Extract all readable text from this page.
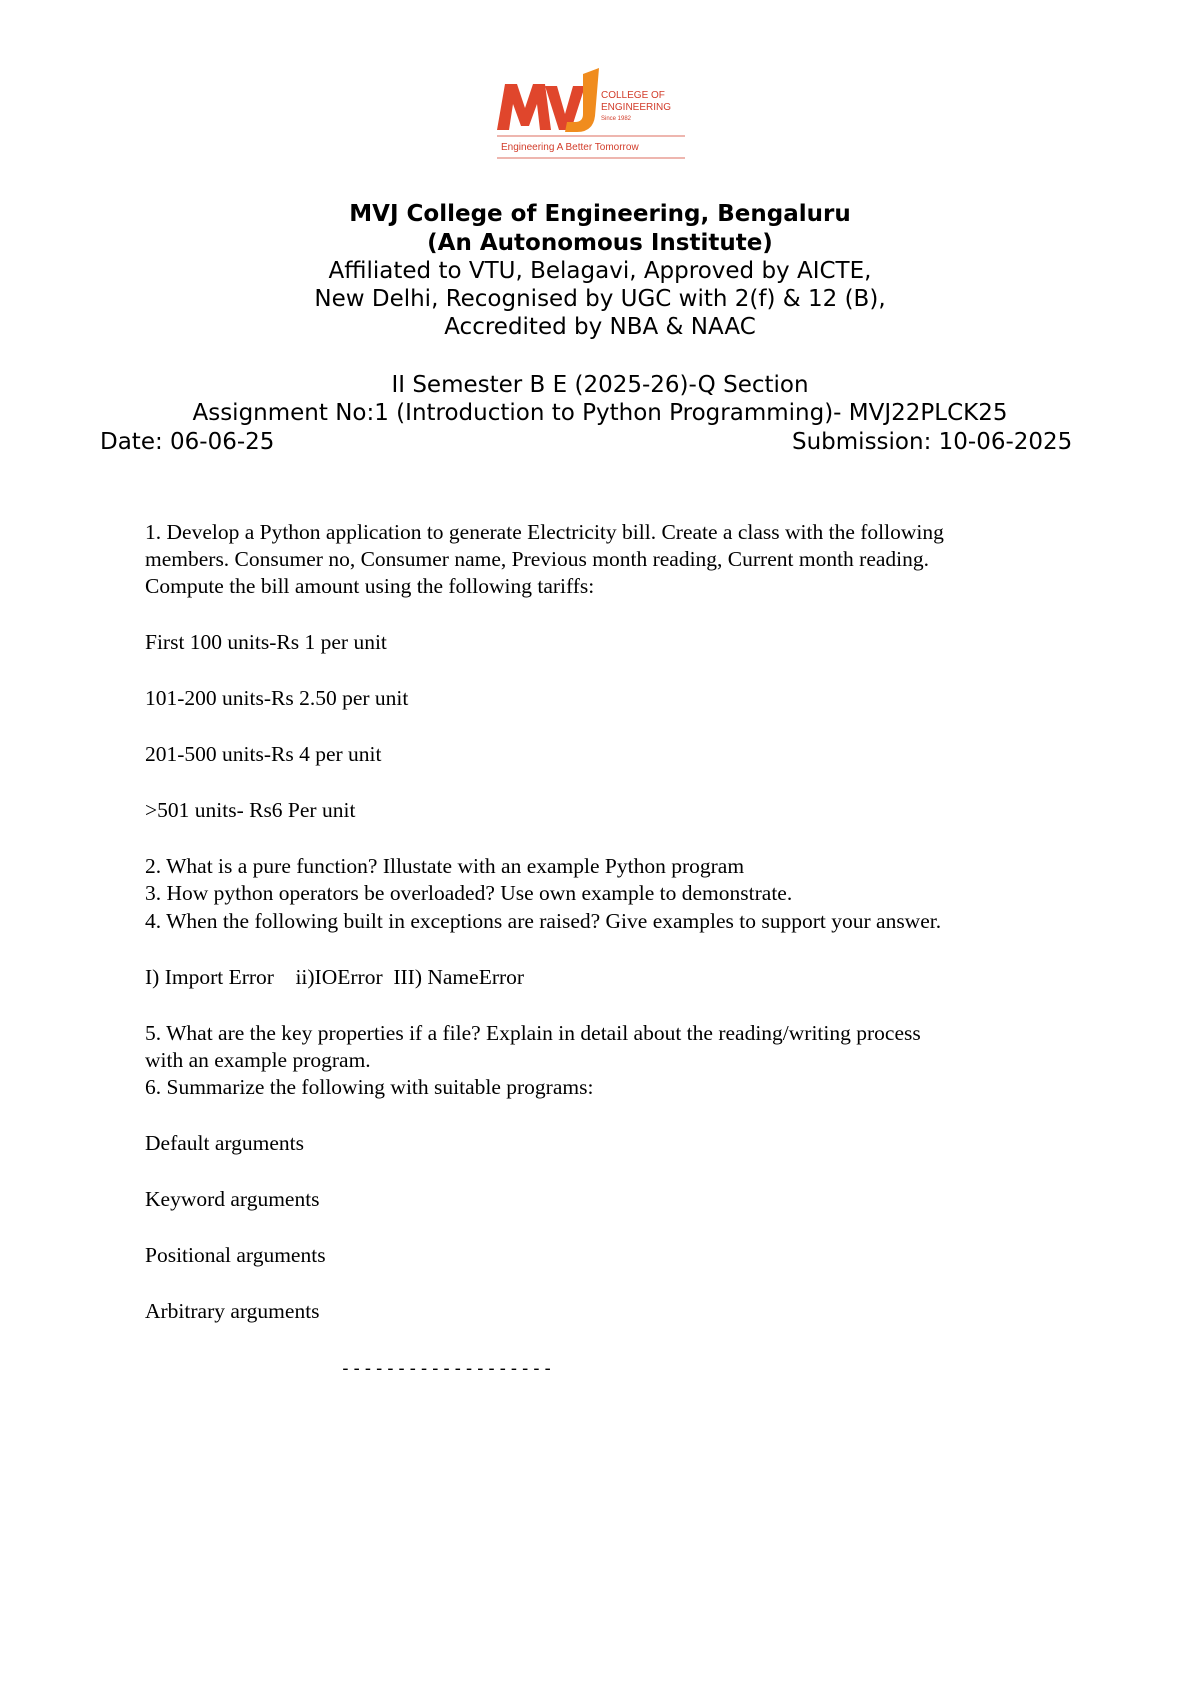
COLLEGE OF
ENGINEERING
Since 1982
Engineering A Better Tomorrow
MVJ College of Engineering, Bengaluru
(An Autonomous Institute)
Affiliated to VTU, Belagavi, Approved by AICTE,
New Delhi, Recognised by UGC with 2(f) & 12 (B),
Accredited by NBA & NAAC
II Semester B E (2025-26)-Q Section
Assignment No:1 (Introduction to Python Programming)- MVJ22PLCK25
Date: 06-06-25	Submission: 10-06-2025
1. Develop a Python application to generate Electricity bill. Create a class with the following
members. Consumer no, Consumer name, Previous month reading, Current month reading.
Compute the bill amount using the following tariffs:
First 100 units-Rs 1 per unit
101-200 units-Rs 2.50 per unit
201-500 units-Rs 4 per unit
>501 units- Rs6 Per unit
2. What is a pure function? Illustate with an example Python program
3. How python operators be overloaded? Use own example to demonstrate.
4. When the following built in exceptions are raised? Give examples to support your answer.
I) Import Error    ii)IOError  III) NameError
5. What are the key properties if a file? Explain in detail about the reading/writing process
with an example program.
6. Summarize the following with suitable programs:
Default arguments
Keyword arguments
Positional arguments
Arbitrary arguments
-------------------
